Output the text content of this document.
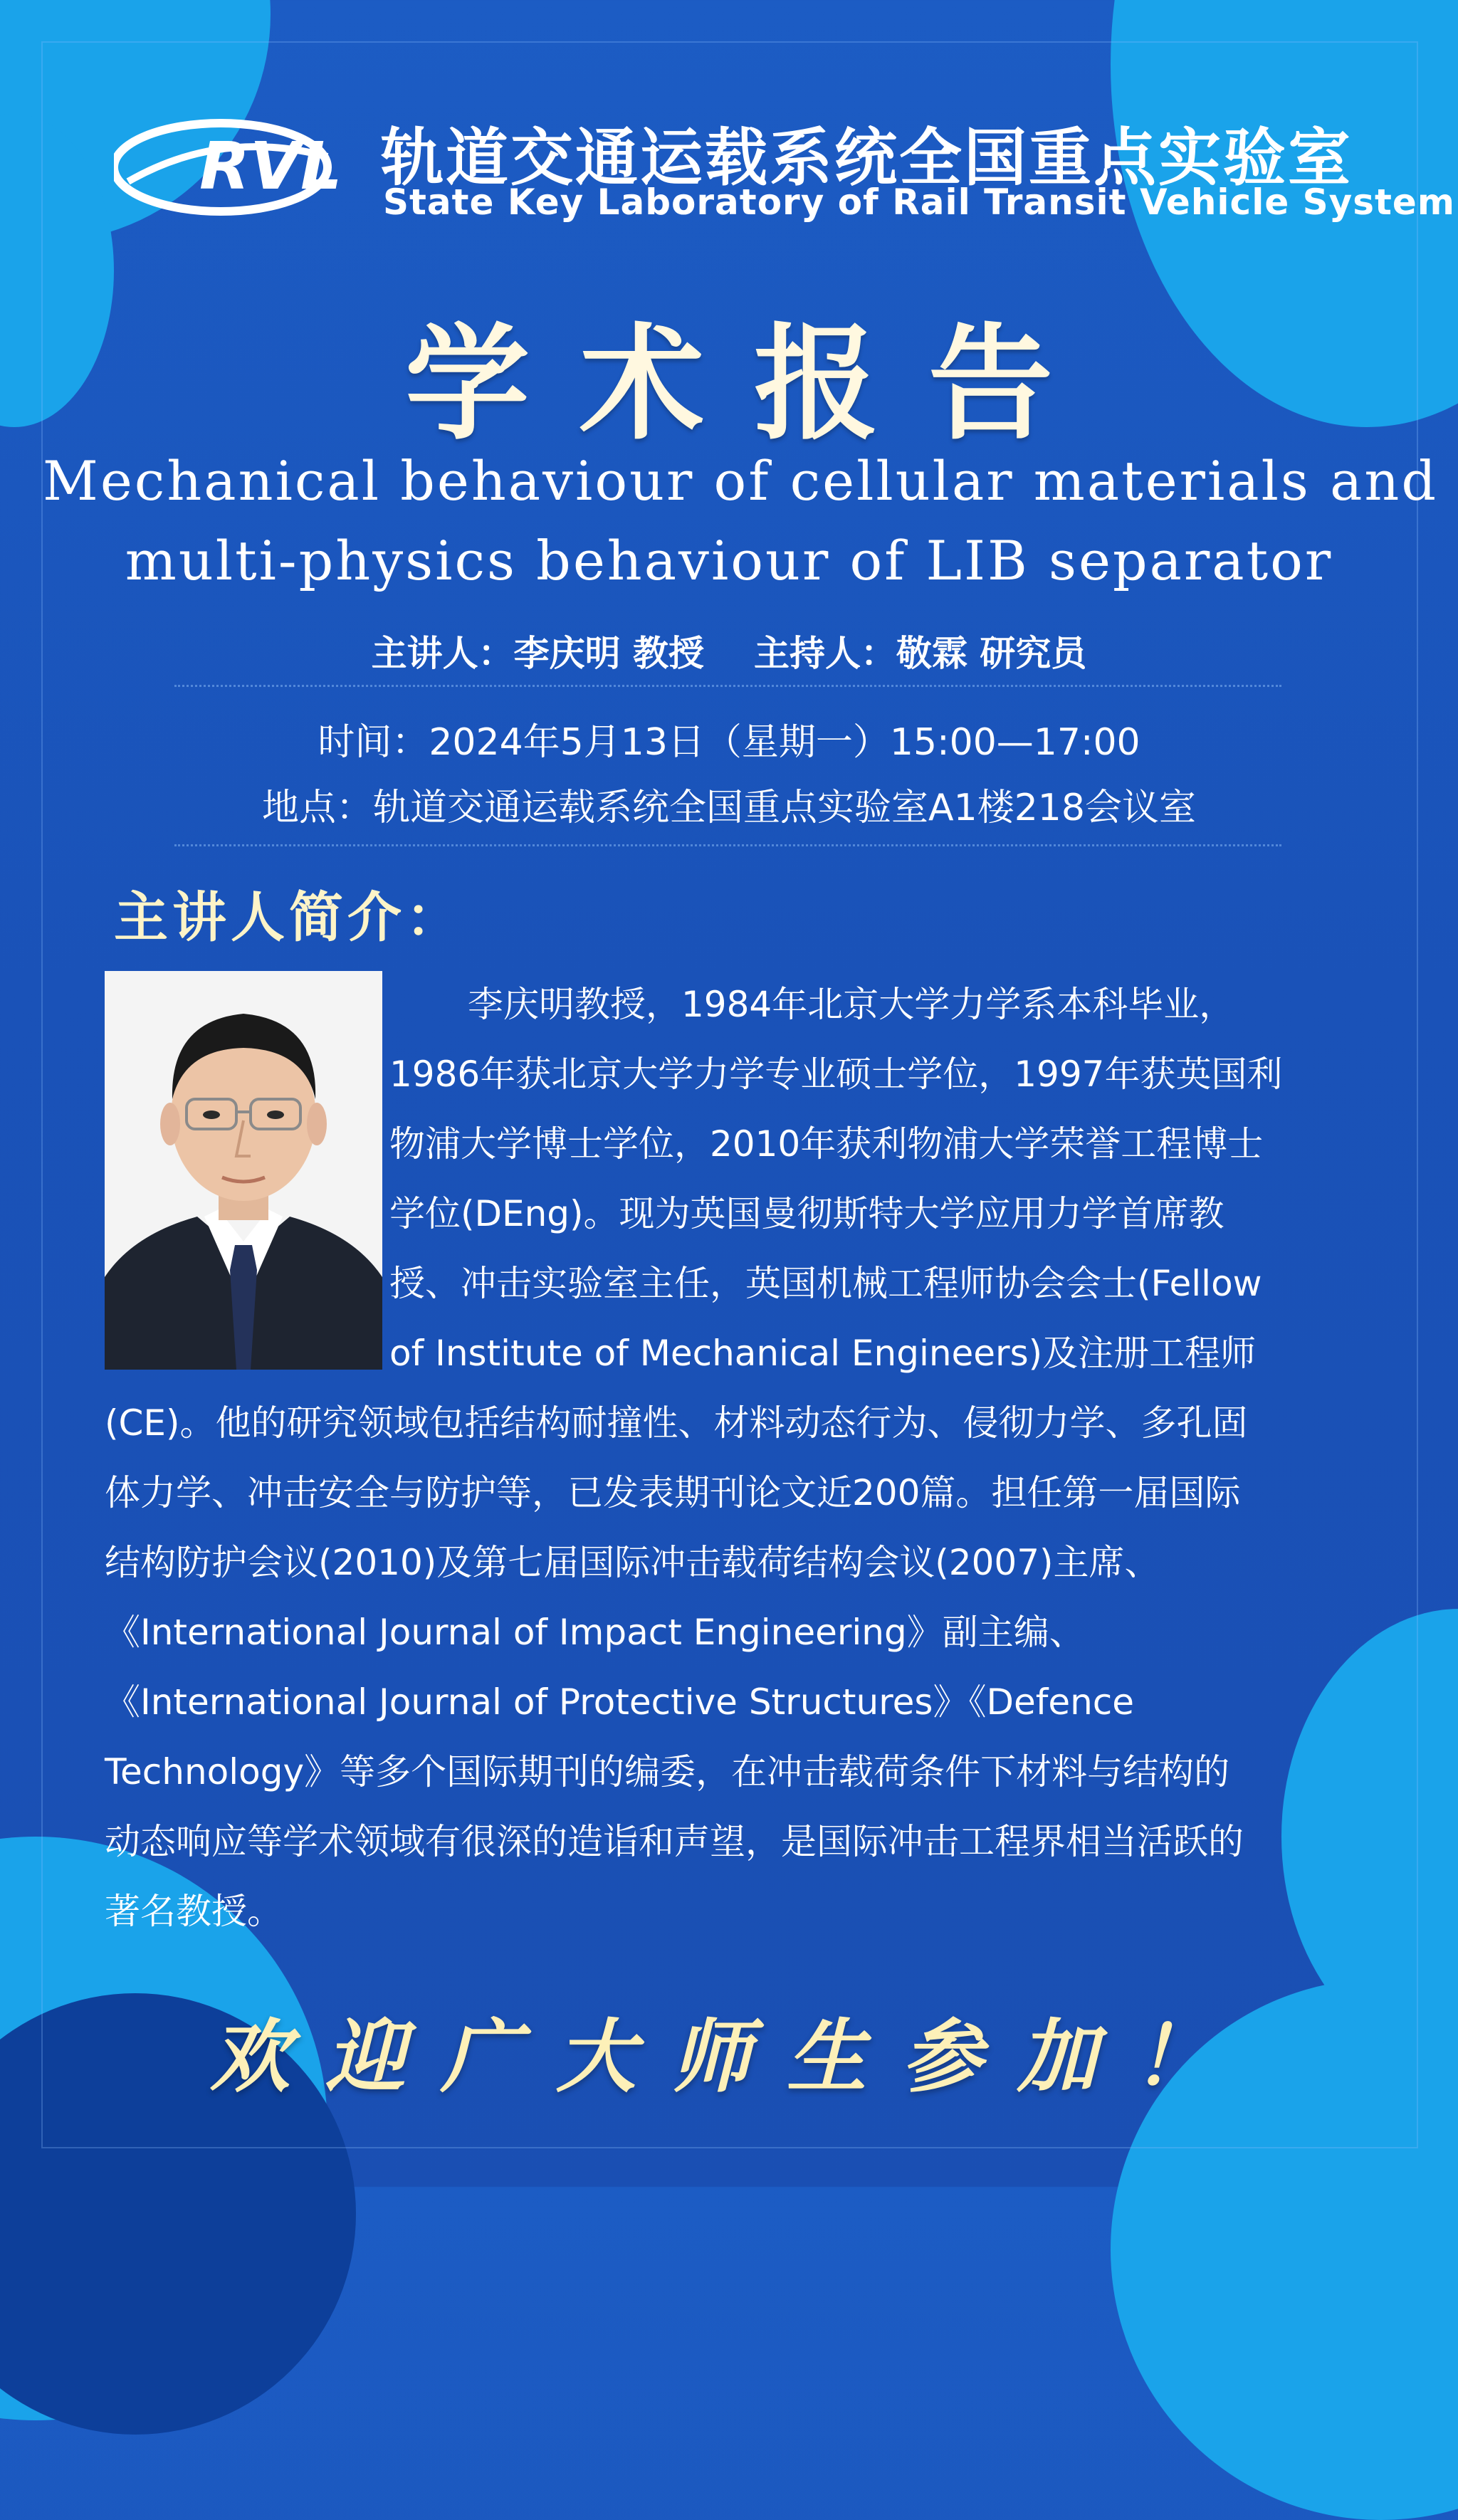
RVL 轨道交通运载系统全国重点实验室
State Key Laboratory of Rail Transit Vehicle System
学术报告
Mechanical behaviour of cellular materials and
multi-physics behaviour of LIB separator
主讲人：李庆明 教授 主持人：敬霖 研究员
时间：2024年5月13日（星期一）15:00—17:00
地点：轨道交通运载系统全国重点实验室A1楼218会议室
主讲人简介：
　　李庆明教授，1984年北京大学力学系本科毕业，
1986年获北京大学力学专业硕士学位，1997年获英国利
物浦大学博士学位，2010年获利物浦大学荣誉工程博士
学位(DEng)。现为英国曼彻斯特大学应用力学首席教
授、冲击实验室主任，英国机械工程师协会会士(Fellow
of Institute of Mechanical Engineers)及注册工程师
(CE)。他的研究领域包括结构耐撞性、材料动态行为、侵彻力学、多孔固
体力学、冲击安全与防护等，已发表期刊论文近200篇。担任第一届国际
结构防护会议(2010)及第七届国际冲击载荷结构会议(2007)主席、
《International Journal of Impact Engineering》副主编、
《International Journal of Protective Structures》《Defence
Technology》等多个国际期刊的编委，在冲击载荷条件下材料与结构的
动态响应等学术领域有很深的造诣和声望，是国际冲击工程界相当活跃的
著名教授。
欢迎广大师生参加！
